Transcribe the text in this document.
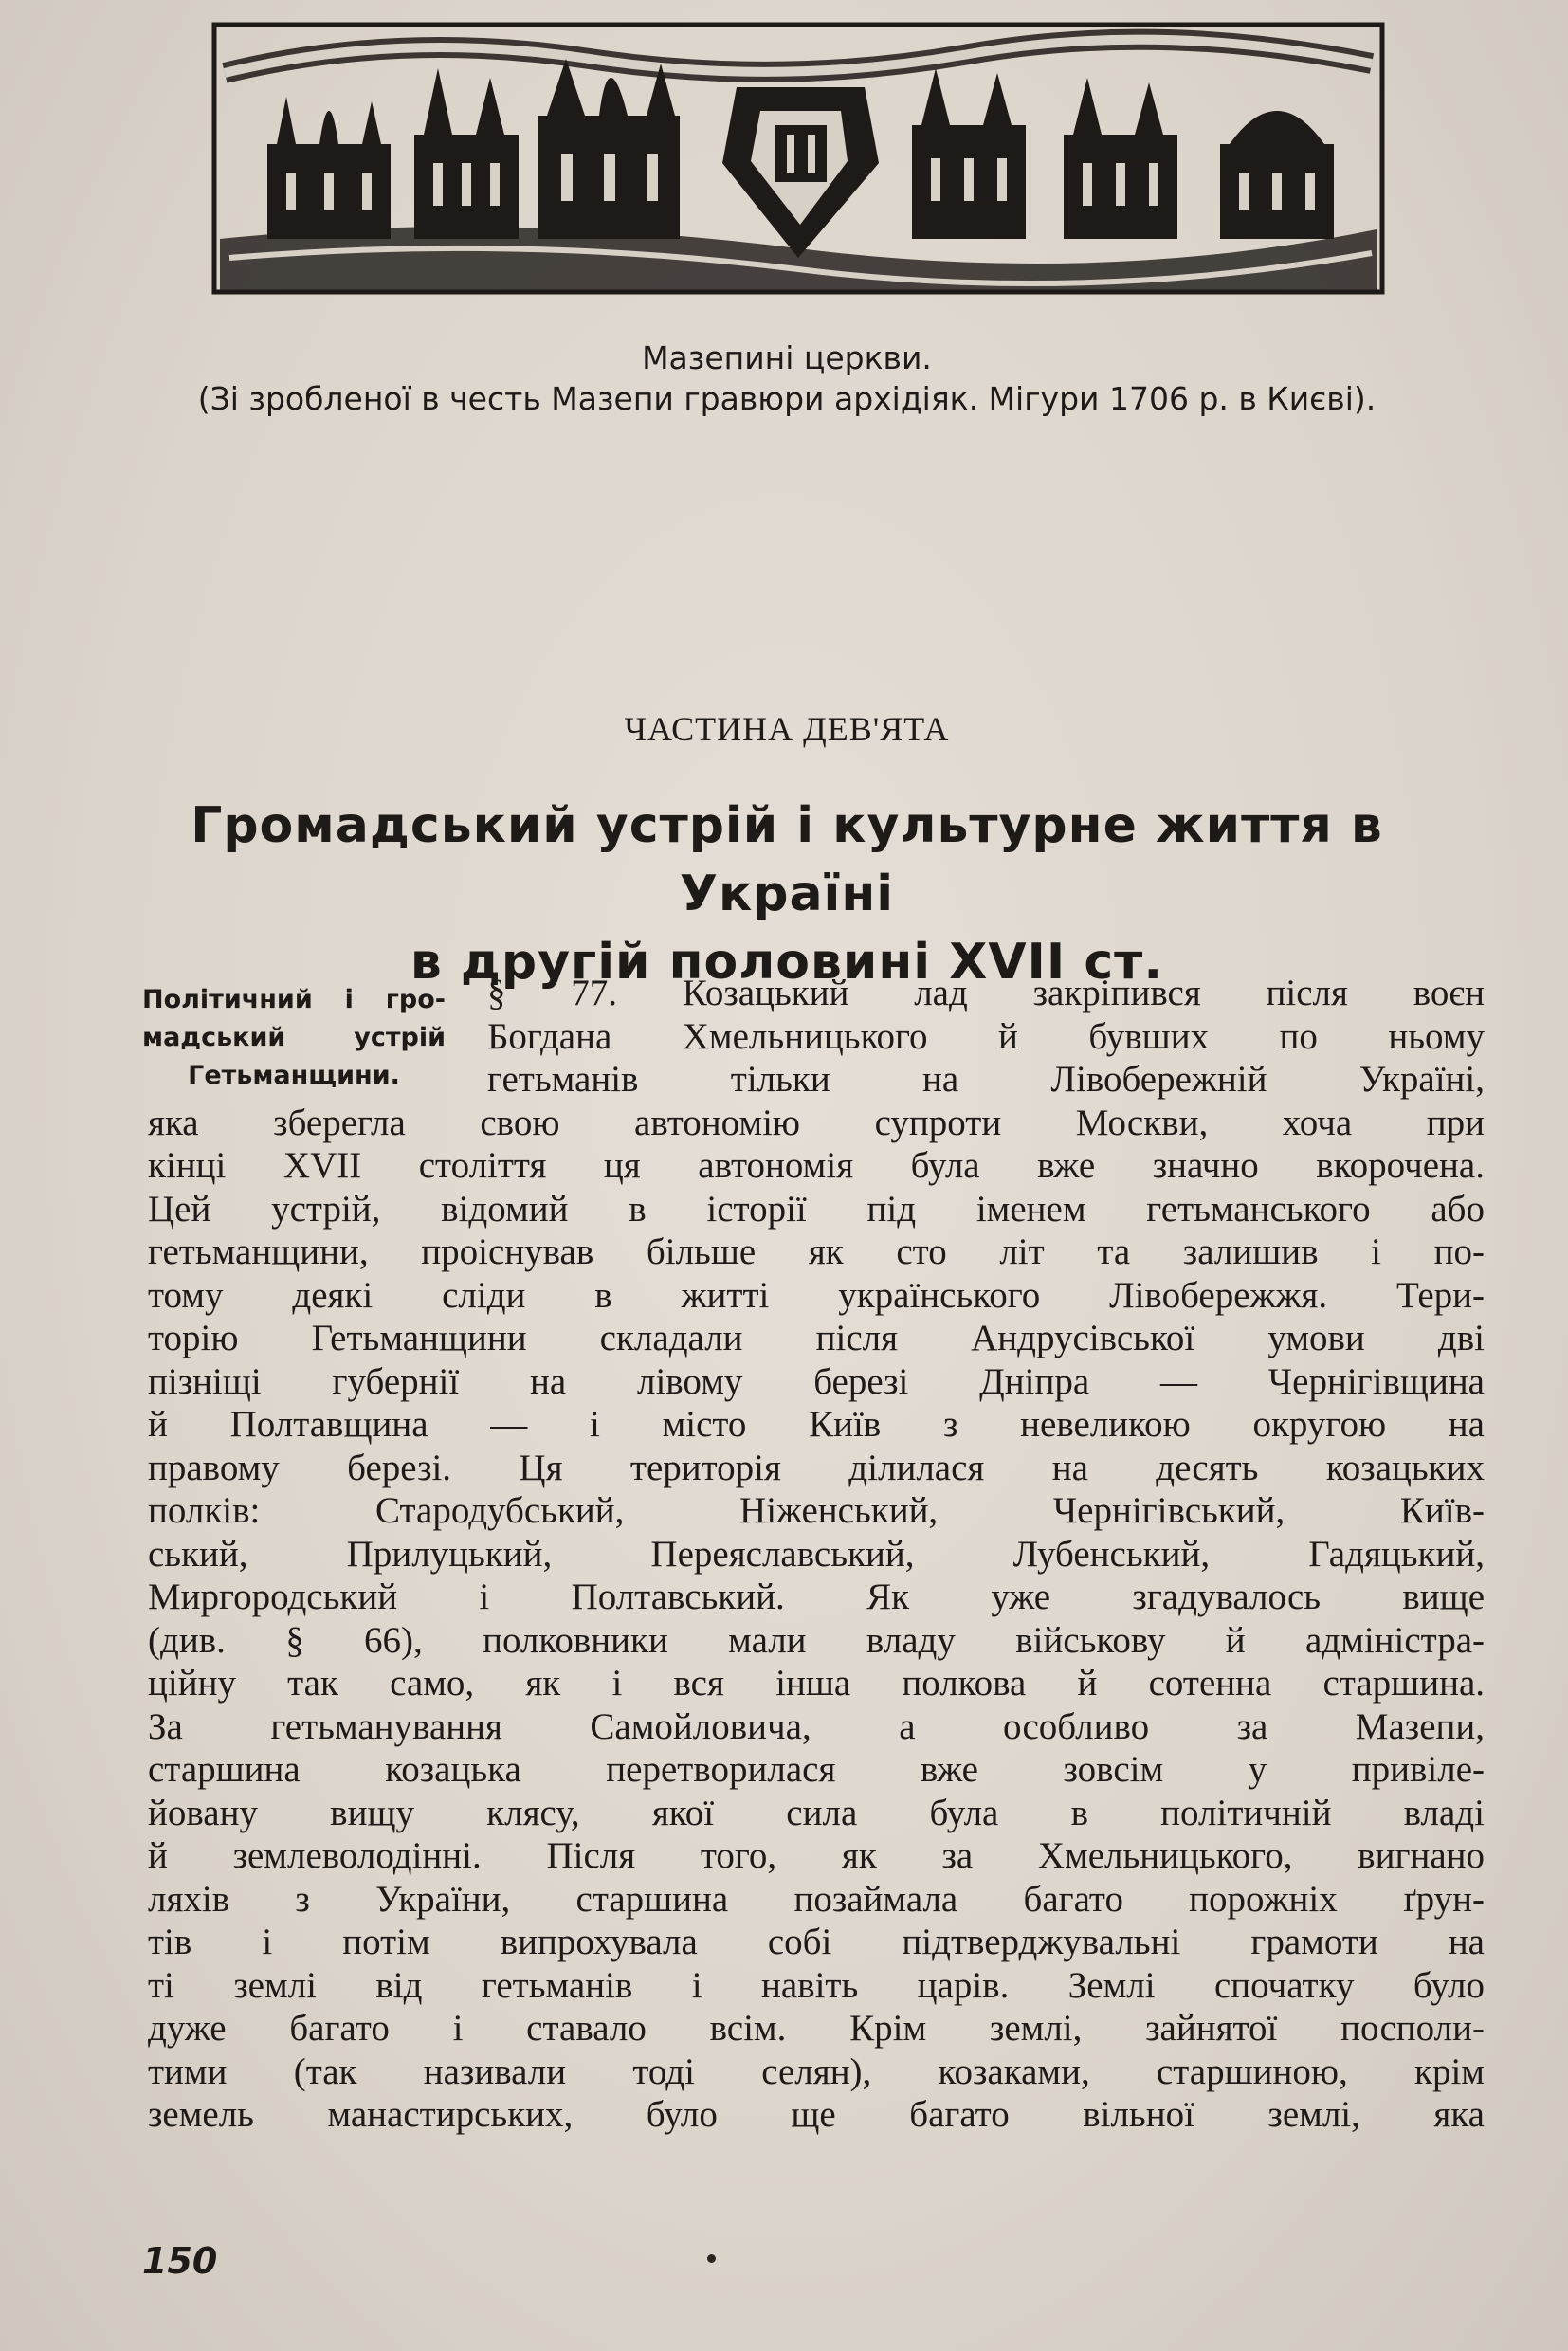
Мазепині церкви.
(Зі зробленої в честь Мазепи гравюри архідіяк. Мігури 1706 р. в Києві).
ЧАСТИНА ДЕВ'ЯТА
Громадський устрій і культурне життя в Україні
в другій половині XVII ст.
Політичний і гро-
мадський устрій
Гетьманщини.
§ 77. Козацький лад закріпився після воєн
Богдана Хмельницького й бувших по ньому
гетьманів тільки на Лівобережній Україні,
яка зберегла свою автономію супроти Москви, хоча при
кінці XVII століття ця автономія була вже значно вкорочена.
Цей устрій, відомий в історії під іменем гетьманського або
гетьманщини, проіснував більше як сто літ та залишив і по-
тому деякі сліди в житті українського Лівобережжя. Тери-
торію Гетьманщини складали після Андрусівської умови дві
пізніщі губернії на лівому березі Дніпра — Чернігівщина
й Полтавщина — і місто Київ з невеликою округою на
правому березі. Ця територія ділилася на десять козацьких
полків: Стародубський, Ніженський, Чернігівський, Київ-
ський, Прилуцький, Переяславський, Лубенський, Гадяцький,
Миргородський і Полтавський. Як уже згадувалось вище
(див. § 66), полковники мали владу військову й адміністра-
ційну так само, як і вся інша полкова й сотенна старшина.
За гетьманування Самойловича, а особливо за Мазепи,
старшина козацька перетворилася вже зовсім у привіле-
йовану вищу клясу, якої сила була в політичній владі
й землеволодінні. Після того, як за Хмельницького, вигнано
ляхів з України, старшина позаймала багато порожніх ґрун-
тів і потім випрохувала собі підтверджувальні грамоти на
ті землі від гетьманів і навіть царів. Землі спочатку було
дуже багато і ставало всім. Крім землі, зайнятої посполи-
тими (так називали тоді селян), козаками, старшиною, крім
земель манастирських, було ще багато вільної землі, яка
150
